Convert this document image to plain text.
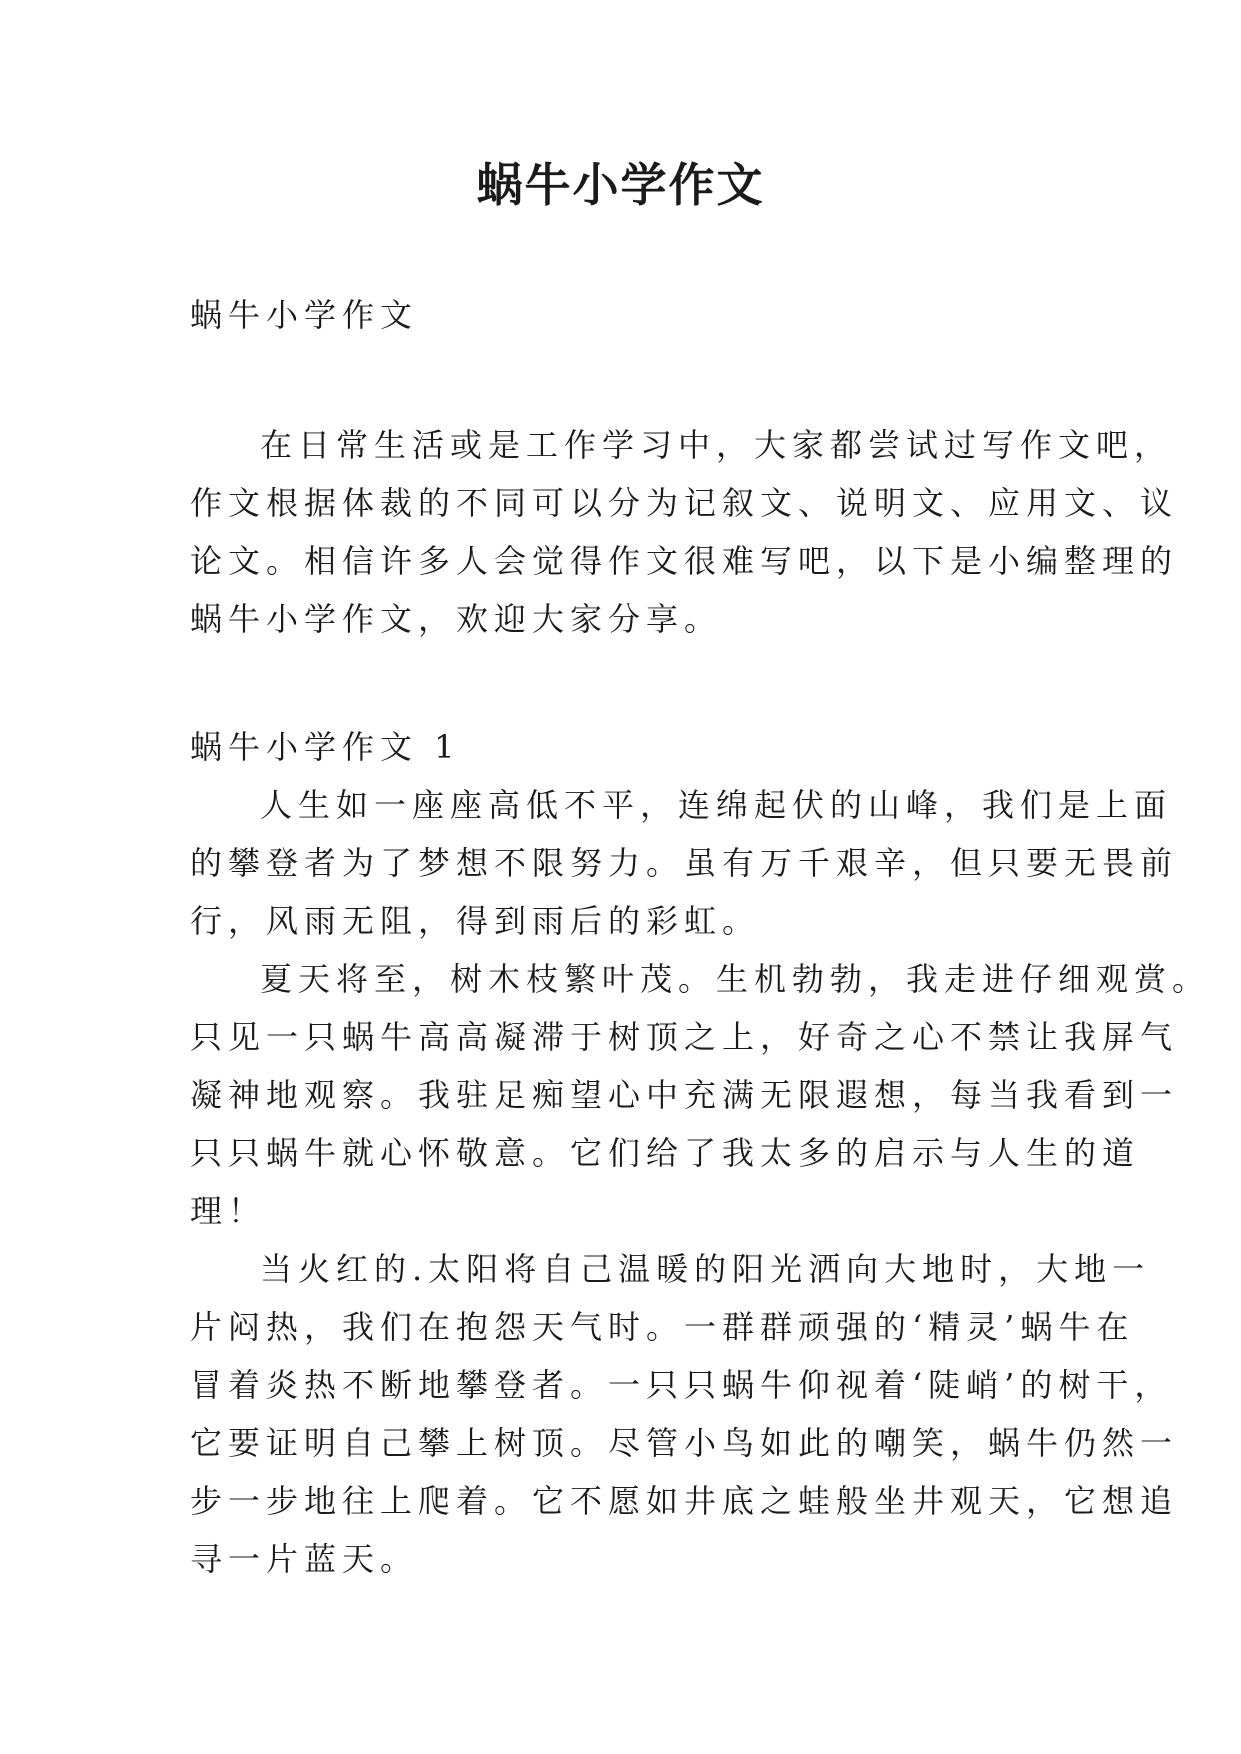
蜗牛小学作文

蜗牛小学作文

在日常生活或是工作学习中，大家都尝试过写作文吧，

作文根据体裁的不同可以分为记叙文、说明文、应用文、议

论文。相信许多人会觉得作文很难写吧，以下是小编整理的

蜗牛小学作文，欢迎大家分享。

蜗牛小学作文 1

人生如一座座高低不平，连绵起伏的山峰，我们是上面

的攀登者为了梦想不限努力。虽有万千艰辛，但只要无畏前

行，风雨无阻，得到雨后的彩虹。

夏天将至，树木枝繁叶茂。生机勃勃，我走进仔细观赏。

只见一只蜗牛高高凝滞于树顶之上，好奇之心不禁让我屏气

凝神地观察。我驻足痴望心中充满无限遐想，每当我看到一

只只蜗牛就心怀敬意。它们给了我太多的启示与人生的道

理！

当火红的.太阳将自己温暖的阳光洒向大地时，大地一

片闷热，我们在抱怨天气时。一群群顽强的‘精灵’蜗牛在

冒着炎热不断地攀登者。一只只蜗牛仰视着‘陡峭’的树干，

它要证明自己攀上树顶。尽管小鸟如此的嘲笑，蜗牛仍然一

步一步地往上爬着。它不愿如井底之蛙般坐井观天，它想追

寻一片蓝天。
